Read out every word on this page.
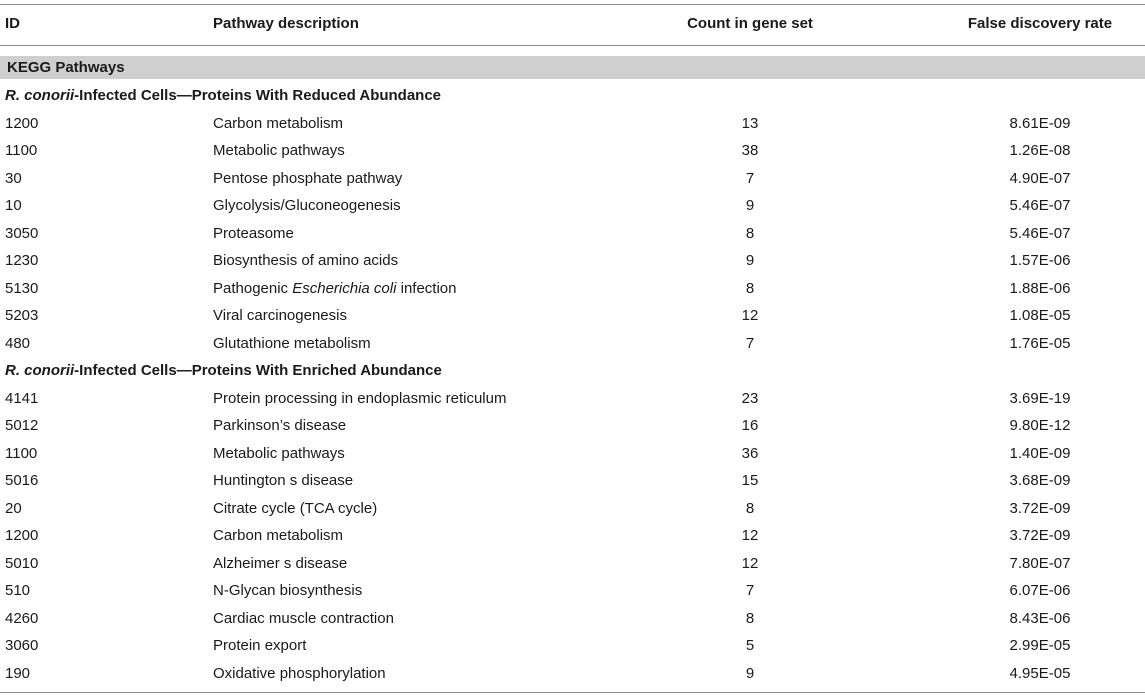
ID	Pathway description	Count in gene set	False discovery rate
KEGG Pathways
R. conorii-Infected Cells—Proteins With Reduced Abundance
1200	Carbon metabolism	13	8.61E-09
1100	Metabolic pathways	38	1.26E-08
30	Pentose phosphate pathway	7	4.90E-07
10	Glycolysis/Gluconeogenesis	9	5.46E-07
3050	Proteasome	8	5.46E-07
1230	Biosynthesis of amino acids	9	1.57E-06
5130	Pathogenic Escherichia coli infection	8	1.88E-06
5203	Viral carcinogenesis	12	1.08E-05
480	Glutathione metabolism	7	1.76E-05
R. conorii-Infected Cells—Proteins With Enriched Abundance
4141	Protein processing in endoplasmic reticulum	23	3.69E-19
5012	Parkinson’s disease	16	9.80E-12
1100	Metabolic pathways	36	1.40E-09
5016	Huntington s disease	15	3.68E-09
20	Citrate cycle (TCA cycle)	8	3.72E-09
1200	Carbon metabolism	12	3.72E-09
5010	Alzheimer s disease	12	7.80E-07
510	N-Glycan biosynthesis	7	6.07E-06
4260	Cardiac muscle contraction	8	8.43E-06
3060	Protein export	5	2.99E-05
190	Oxidative phosphorylation	9	4.95E-05
